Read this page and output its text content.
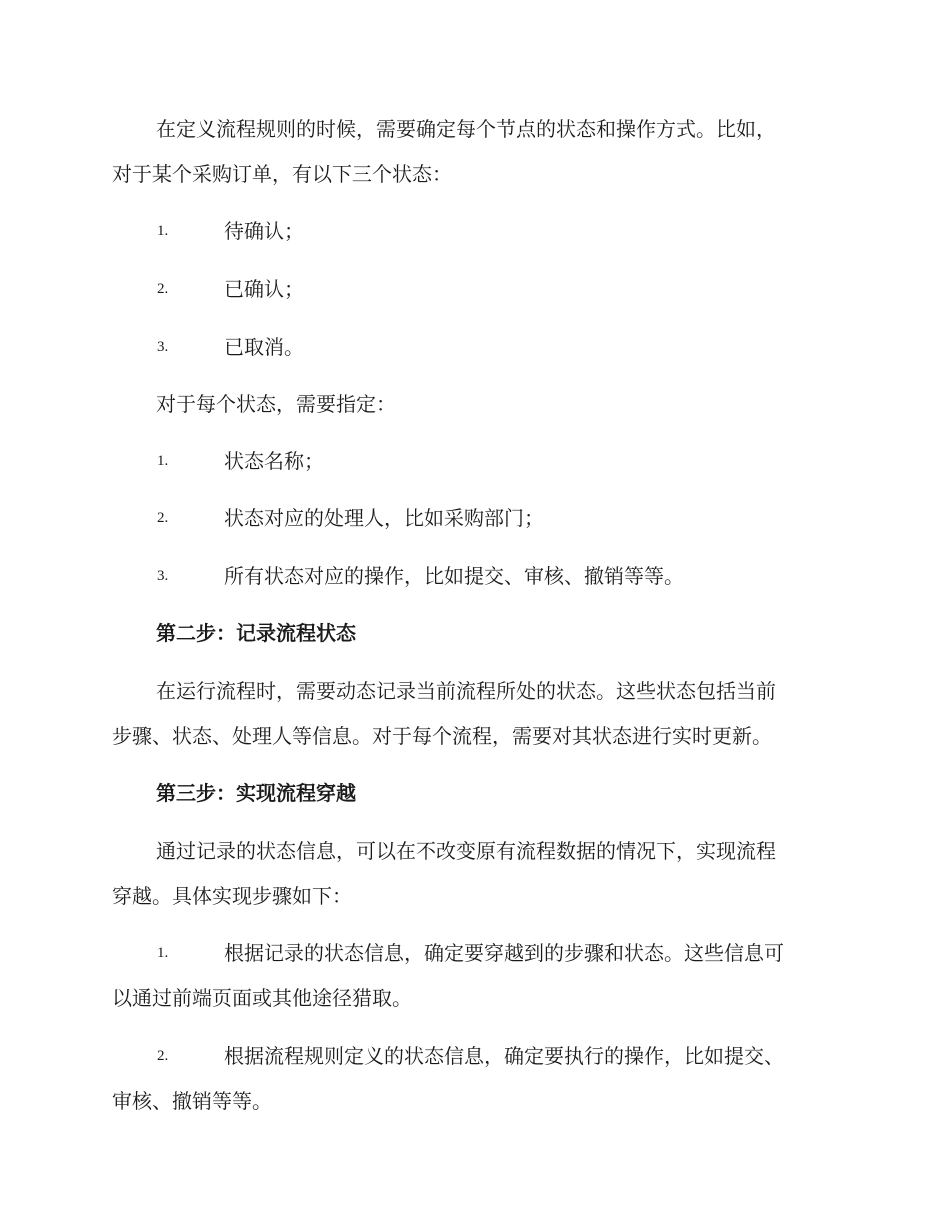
在定义流程规则的时候，需要确定每个节点的状态和操作方式。比如，
对于某个采购订单，有以下三个状态：
1.	待确认；
2.	已确认；
3.	已取消。
对于每个状态，需要指定：
1.	状态名称；
2.	状态对应的处理人，比如采购部门；
3.	所有状态对应的操作，比如提交、审核、撤销等等。
第二步：记录流程状态
在运行流程时，需要动态记录当前流程所处的状态。这些状态包括当前
步骤、状态、处理人等信息。对于每个流程，需要对其状态进行实时更新。
第三步：实现流程穿越
通过记录的状态信息，可以在不改变原有流程数据的情况下，实现流程
穿越。具体实现步骤如下：
1.	根据记录的状态信息，确定要穿越到的步骤和状态。这些信息可
以通过前端页面或其他途径猎取。
2.	根据流程规则定义的状态信息，确定要执行的操作，比如提交、
审核、撤销等等。
